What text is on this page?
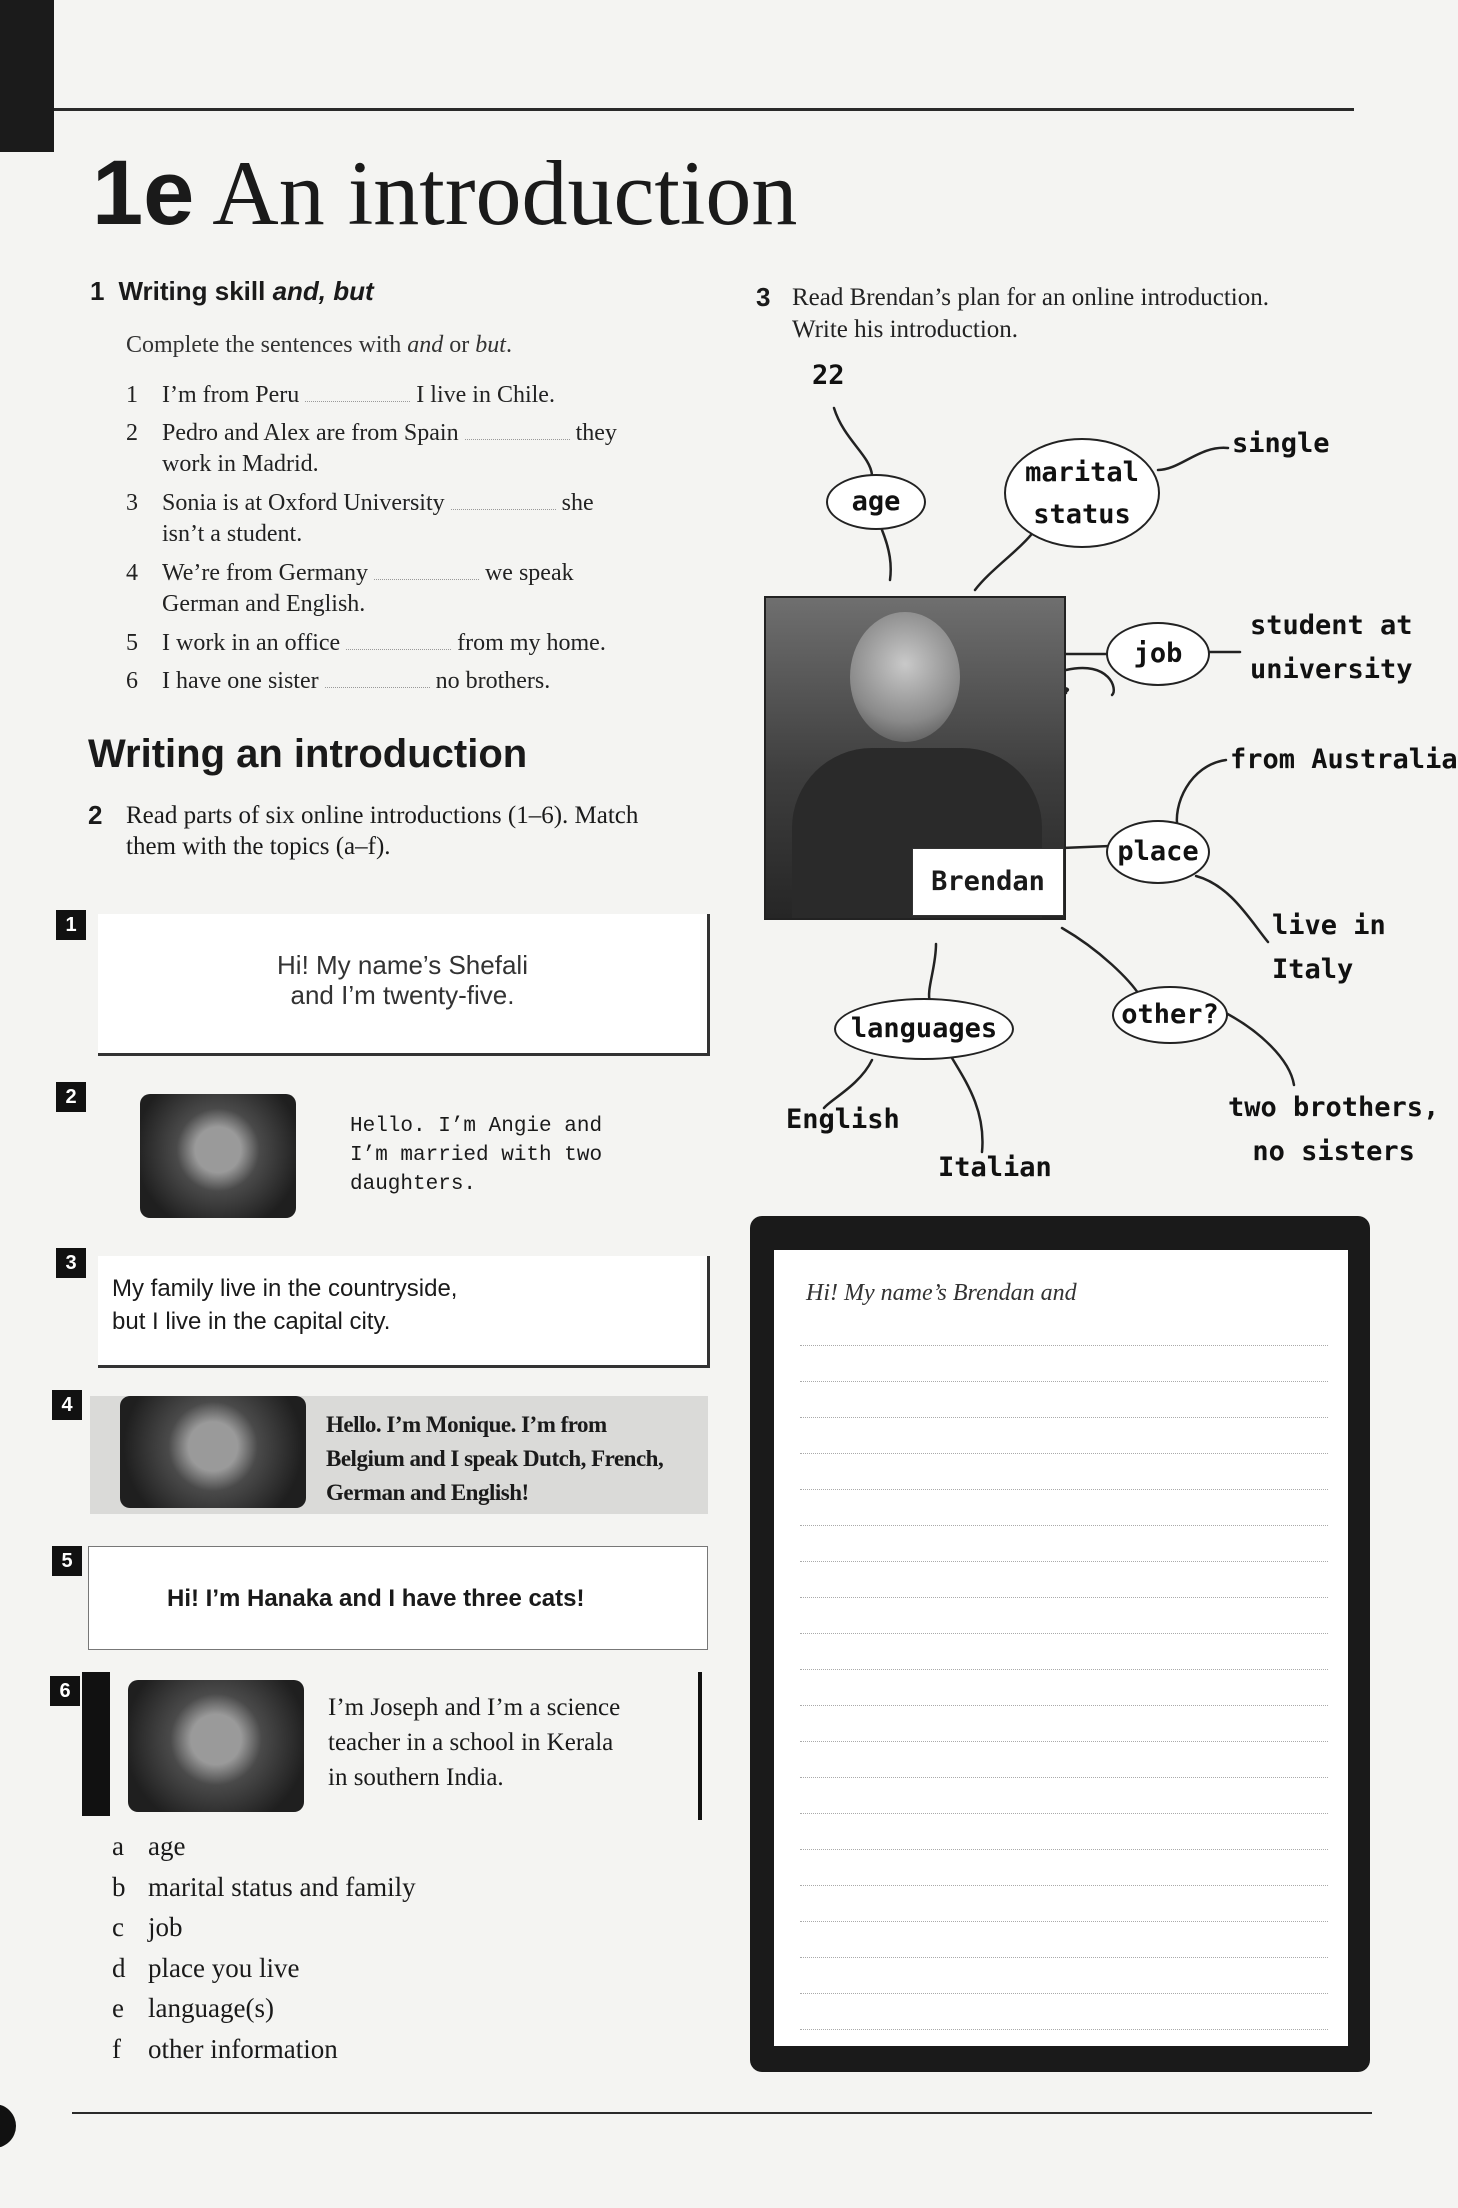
1e An introduction
1 Writing skill and, but
Complete the sentences with and or but.
1 I’m from Peru	I live in Chile.
2 Pedro and Alex are from Spain	they
work in Madrid.
3 Sonia is at Oxford University	she
isn’t a student.
4 We’re from Germany	we speak
German and English.
5 I work in an office	from my home.
6 I have one sister	no brothers.
Writing an introduction
2 Read parts of six online introductions (1–6). Match
them with the topics (a–f).
1
Hi! My name’s Shefali
and I’m twenty-five.
2
Hello. I’m Angie and
I’m married with two
daughters.
3
My family live in the countryside,
but I live in the capital city.
4
Hello. I’m Monique. I’m from
Belgium and I speak Dutch, French,
German and English!
5
Hi! I’m Hanaka and I have three cats!
6
I’m Joseph and I’m a science
teacher in a school in Kerala
in southern India.
a age
b marital status and family
c job
d place you live
e language(s)
f other information
3 Read Brendan’s plan for an online introduction.
Write his introduction.
Brendan
22
age
marital
status
single
job
student at
university
from Australia
place
live in
Italy
languages
English
Italian
other?
two brothers,
no sisters
Hi! My name’s Brendan and
